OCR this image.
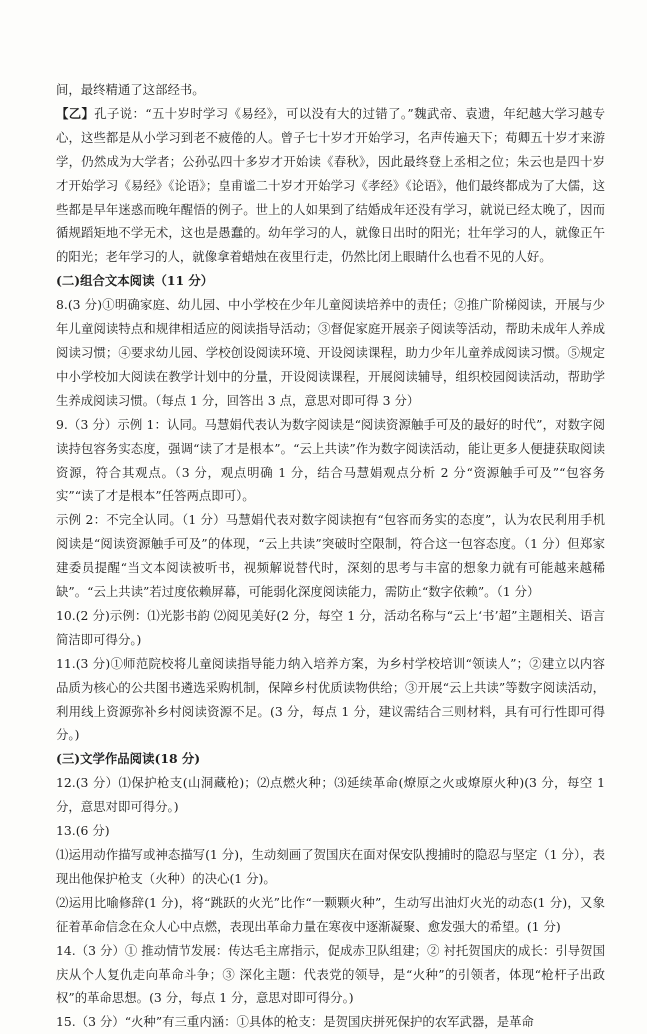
间，最终精通了这部经书。

【乙】孔子说：“五十岁时学习《易经》，可以没有大的过错了。”魏武帝、袁遗，年纪越大学习越专心，这些都是从小学习到老不疲倦的人。曾子七十岁才开始学习，名声传遍天下；荀卿五十岁才来游学，仍然成为大学者；公孙弘四十多岁才开始读《春秋》，因此最终登上丞相之位；朱云也是四十岁才开始学习《易经》《论语》；皇甫谧二十岁才开始学习《孝经》《论语》，他们最终都成为了大儒，这些都是早年迷惑而晚年醒悟的例子。世上的人如果到了结婚成年还没有学习，就说已经太晚了，因而循规蹈矩地不学无术，这也是愚蠢的。幼年学习的人，就像日出时的阳光；壮年学习的人，就像正午的阳光；老年学习的人，就像拿着蜡烛在夜里行走，仍然比闭上眼睛什么也看不见的人好。

(二)组合文本阅读（11 分）

8.(3 分)①明确家庭、幼儿园、中小学校在少年儿童阅读培养中的责任；②推广阶梯阅读，开展与少年儿童阅读特点和规律相适应的阅读指导活动；③督促家庭开展亲子阅读等活动，帮助未成年人养成阅读习惯；④要求幼儿园、学校创设阅读环境、开设阅读课程，助力少年儿童养成阅读习惯。⑤规定中小学校加大阅读在教学计划中的分量，开设阅读课程，开展阅读辅导，组织校园阅读活动，帮助学生养成阅读习惯。（每点 1 分，回答出 3 点，意思对即可得 3 分）

9.（3 分）示例 1：认同。马慧娟代表认为数字阅读是“阅读资源触手可及的最好的时代”，对数字阅读持包容务实态度，强调“读了才是根本”。“云上共读”作为数字阅读活动，能让更多人便捷获取阅读资源，符合其观点。（3 分，观点明确 1 分，结合马慧娟观点分析 2 分“资源触手可及”“包容务实”“读了才是根本”任答两点即可）。

示例 2：不完全认同。（1 分）马慧娟代表对数字阅读抱有“包容而务实的态度”，认为农民利用手机阅读是“阅读资源触手可及”的体现，“云上共读”突破时空限制，符合这一包容态度。（1 分）但郑家建委员提醒“当文本阅读被听书，视频解说替代时，深刻的思考与丰富的想象力就有可能越来越稀缺”。“云上共读”若过度依赖屏幕，可能弱化深度阅读能力，需防止“数字依赖”。（1 分）

10.(2 分)示例：⑴光影书韵 ⑵阅见美好(2 分，每空 1 分，活动名称与“云上‘书’超”主题相关、语言简洁即可得分。)

11.(3 分)①师范院校将儿童阅读指导能力纳入培养方案，为乡村学校培训“领读人”；②建立以内容品质为核心的公共图书遴选采购机制，保障乡村优质读物供给；③开展“云上共读”等数字阅读活动，利用线上资源弥补乡村阅读资源不足。(3 分，每点 1 分，建议需结合三则材料，具有可行性即可得分。)

(三)文学作品阅读(18 分)

12.(3 分）⑴保护枪支(山洞藏枪)；⑵点燃火种；⑶延续革命(燎原之火或燎原火种)(3 分，每空 1 分，意思对即可得分。)

13.(6 分)

⑴运用动作描写或神态描写(1 分)，生动刻画了贺国庆在面对保安队搜捕时的隐忍与坚定（1 分），表现出他保护枪支（火种）的决心(1 分)。

⑵运用比喻修辞(1 分)，将“跳跃的火光”比作“一颗颗火种”，生动写出油灯火光的动态(1 分)，又象征着革命信念在众人心中点燃，表现出革命力量在寒夜中逐渐凝聚、愈发强大的希望。(1 分)

14.（3 分）① 推动情节发展：传达毛主席指示，促成赤卫队组建；② 衬托贺国庆的成长：引导贺国庆从个人复仇走向革命斗争；③ 深化主题：代表党的领导，是“火种”的引领者，体现“枪杆子出政权”的革命思想。(3 分，每点 1 分，意思对即可得分。)

15.（3 分）“火种”有三重内涵：①具体的枪支：是贺国庆拼死保护的农军武器，是革命
